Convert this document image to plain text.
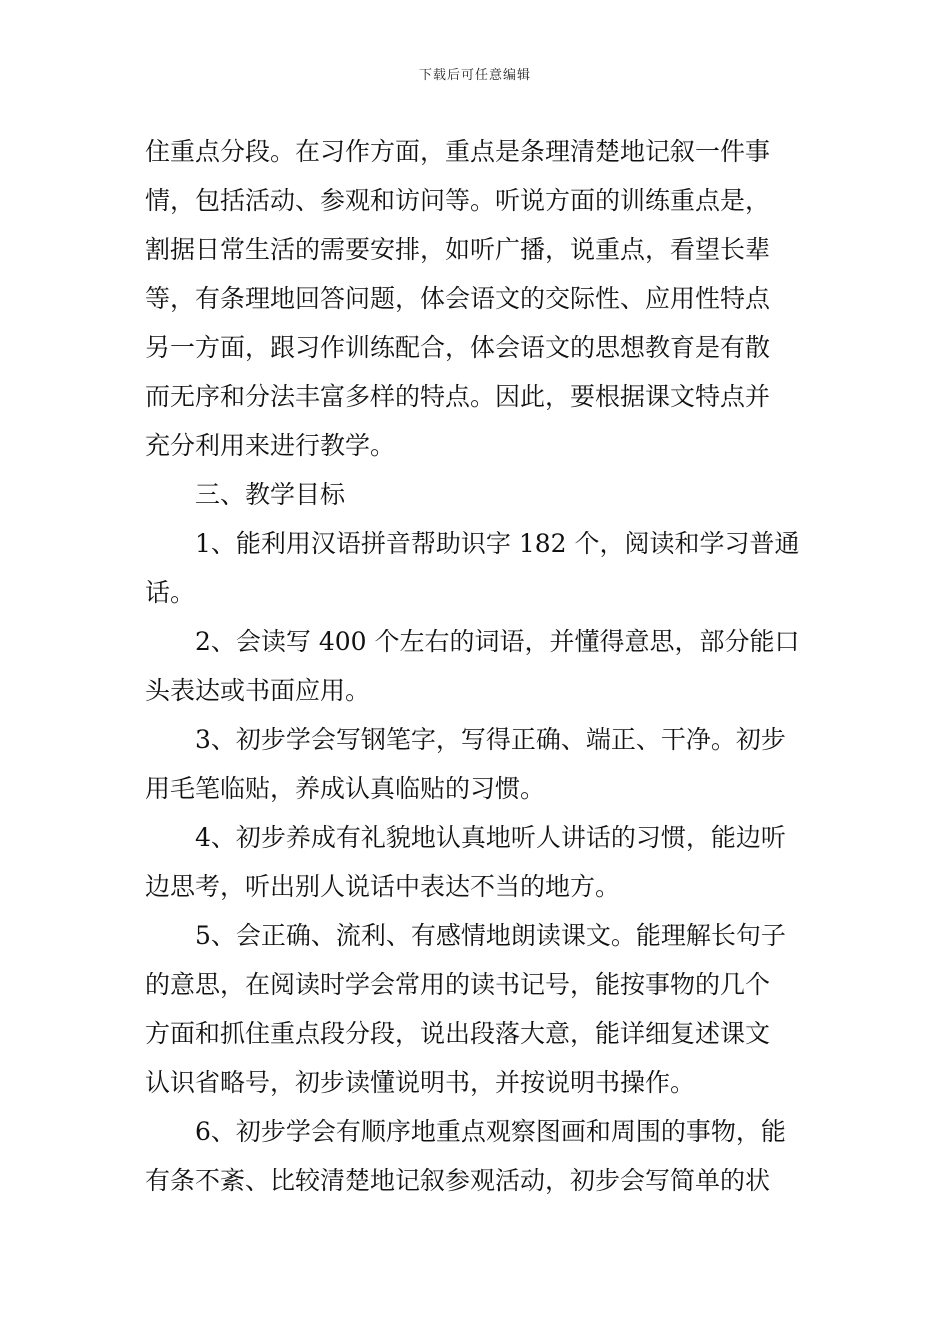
下载后可任意编辑
住重点分段。在习作方面，重点是条理清楚地记叙一件事
情，包括活动、参观和访问等。听说方面的训练重点是，
割据日常生活的需要安排，如听广播，说重点，看望长辈
等，有条理地回答问题，体会语文的交际性、应用性特点
另一方面，跟习作训练配合，体会语文的思想教育是有散
而无序和分法丰富多样的特点。因此，要根据课文特点并
充分利用来进行教学。
三、教学目标
1、能利用汉语拼音帮助识字 182 个，阅读和学习普通
话。
2、会读写 400 个左右的词语，并懂得意思，部分能口
头表达或书面应用。
3、初步学会写钢笔字，写得正确、端正、干净。初步
用毛笔临贴，养成认真临贴的习惯。
4、初步养成有礼貌地认真地听人讲话的习惯，能边听
边思考，听出别人说话中表达不当的地方。
5、会正确、流利、有感情地朗读课文。能理解长句子
的意思，在阅读时学会常用的读书记号，能按事物的几个
方面和抓住重点段分段，说出段落大意，能详细复述课文
认识省略号，初步读懂说明书，并按说明书操作。
6、初步学会有顺序地重点观察图画和周围的事物，能
有条不紊、比较清楚地记叙参观活动，初步会写简单的状
